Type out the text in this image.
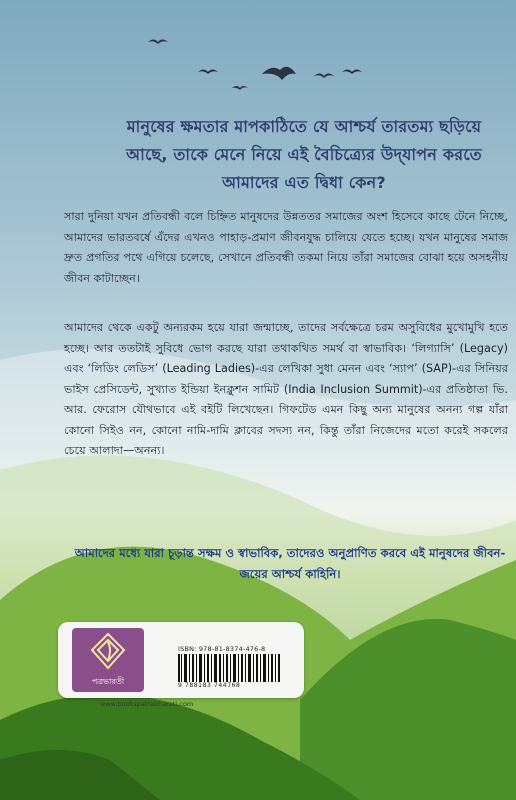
মানুষের ক্ষমতার মাপকাঠিতে যে আশ্চর্য তারতম্য ছড়িয়ে আছে, তাকে মেনে নিয়ে এই বৈচিত্র্যের উদ্‌যাপন করতে আমাদের এত দ্বিধা কেন?
সারা দুনিয়া যখন প্রতিবন্ধী বলে চিহ্নিত মানুষদের উন্নততর সমাজের অংশ হিসেবে কাছে টেনে নিচ্ছে, আমাদের ভারতবর্ষে এঁদের এখনও পাহাড়-প্রমাণ জীবনযুদ্ধ চালিয়ে যেতে হচ্ছে। যখন মানুষের সমাজ দ্রুত প্রগতির পথে এগিয়ে চলেছে, সেখানে প্রতিবন্ধী তকমা নিয়ে তাঁরা সমাজের বোঝা হয়ে অসহনীয় জীবন কাটাচ্ছেন।
আমাদের থেকে একটু অন্যরকম হয়ে যারা জন্মাচ্ছে, তাদের সর্বক্ষেত্রে চরম অসুবিধের মুখোমুখি হতে হচ্ছে। আর ততটাই সুবিধে ভোগ করছে যারা তথাকথিত সমর্থ বা স্বাভাবিক। ‘লিগ্যাসি’ (Legacy) এবং ‘লিডিং লেডিস’ (Leading Ladies)-এর লেখিকা সুধা মেনন এবং ‘স্যাপ’ (SAP)-এর সিনিয়র ভাইস প্রেসিডেন্ট, সুখ্যাত ইন্ডিয়া ইনক্লুশন সামিট (India Inclusion Summit)-এর প্রতিষ্ঠাতা ভি. আর. ফেরোস যৌথভাবে এই বইটি লিখেছেন। গিফটেড এমন কিছু অন্য মানুষের অনন্য গল্প যাঁরা কোনো সিইও নন, কোনো নামি-দামি ক্লাবের সদস্য নন, কিন্তু তাঁরা নিজেদের মতো করেই সকলের চেয়ে আলাদা—অনন্য।
আমাদের মধ্যে যারা চূড়ান্ত সক্ষম ও স্বাভাবিক, তাদেরও অনুপ্রাণিত করবে এই মানুষদের জীবন-জয়ের আশ্চর্য কাহিনি।
পত্রভারতী
ISBN: 978-81-8374-476-8
9 788183 744768
www.bookspatrabharati.com
